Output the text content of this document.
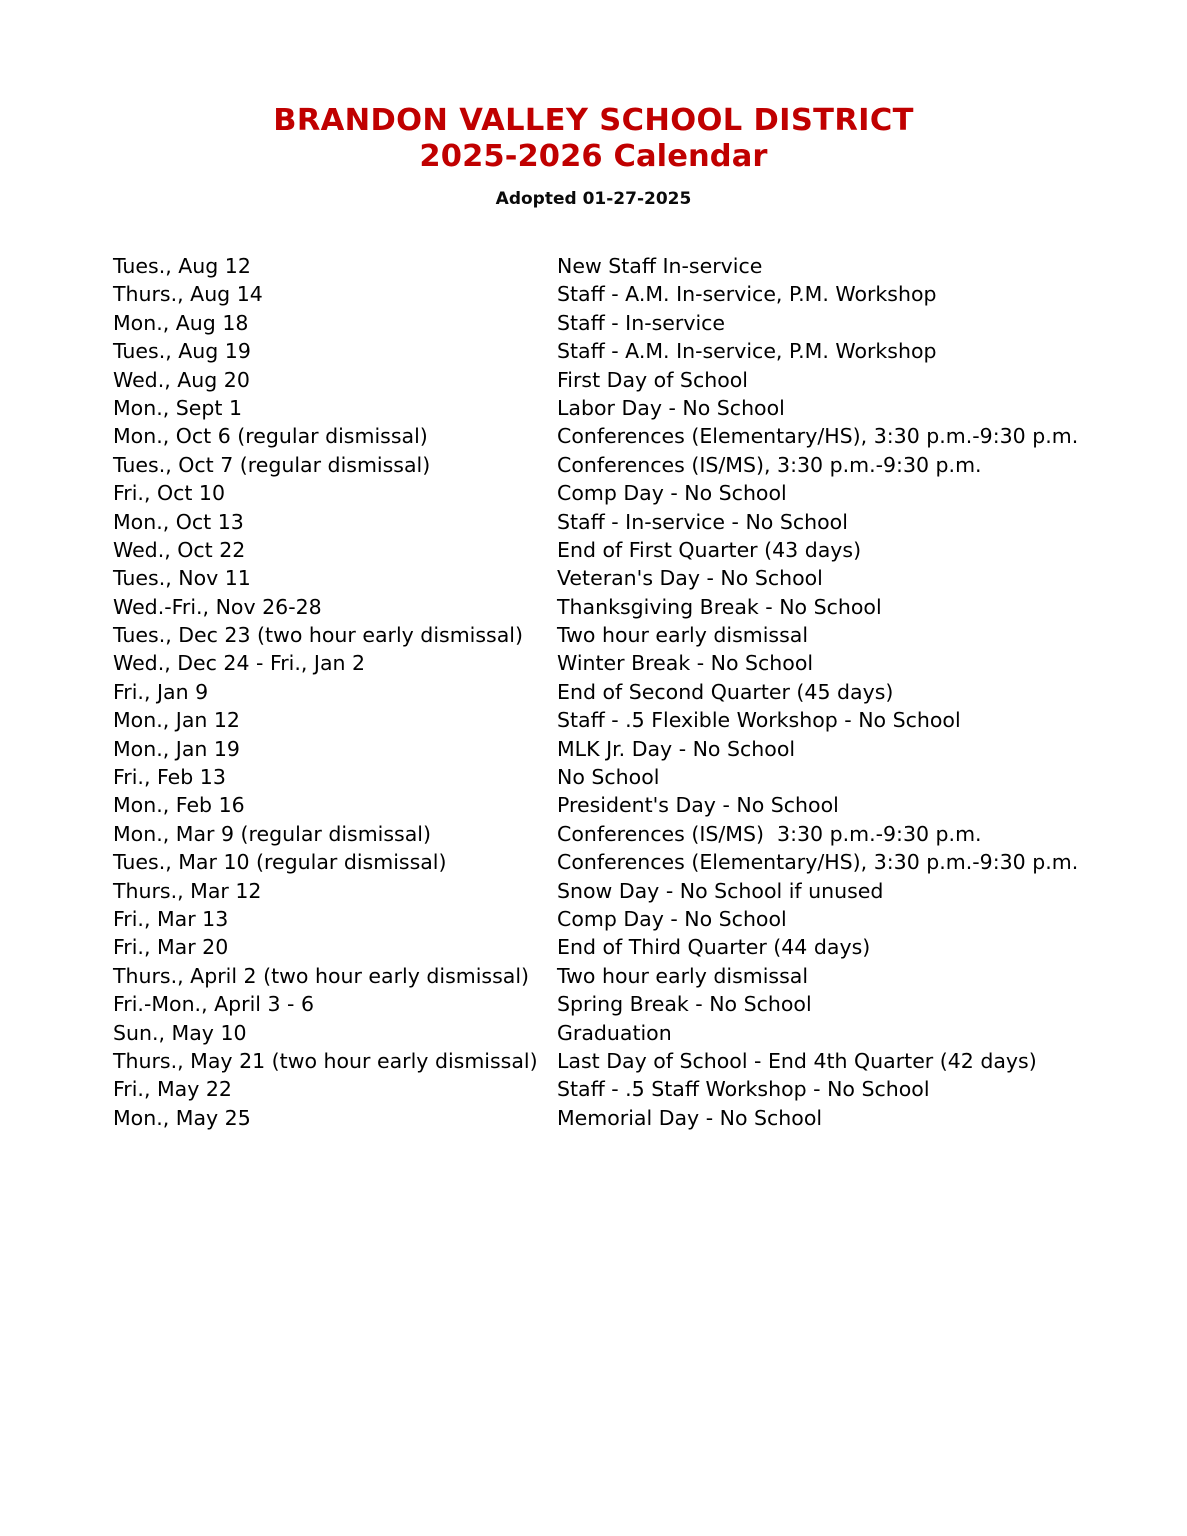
BRANDON VALLEY SCHOOL DISTRICT
2025-2026 Calendar
Adopted 01-27-2025
Tues., Aug 12	New Staff In-service
Thurs., Aug 14	Staff - A.M. In-service, P.M. Workshop
Mon., Aug 18	Staff - In-service
Tues., Aug 19	Staff - A.M. In-service, P.M. Workshop
Wed., Aug 20	First Day of School
Mon., Sept 1	Labor Day - No School
Mon., Oct 6 (regular dismissal)	Conferences (Elementary/HS), 3:30 p.m.-9:30 p.m.
Tues., Oct 7 (regular dismissal)	Conferences (IS/MS), 3:30 p.m.-9:30 p.m.
Fri., Oct 10	Comp Day - No School
Mon., Oct 13	Staff - In-service - No School
Wed., Oct 22	End of First Quarter (43 days)
Tues., Nov 11	Veteran's Day - No School
Wed.-Fri., Nov 26-28	Thanksgiving Break - No School
Tues., Dec 23 (two hour early dismissal)	Two hour early dismissal
Wed., Dec 24 - Fri., Jan 2	Winter Break - No School
Fri., Jan 9	End of Second Quarter (45 days)
Mon., Jan 12	Staff - .5 Flexible Workshop - No School
Mon., Jan 19	MLK Jr. Day - No School
Fri., Feb 13	No School
Mon., Feb 16	President's Day - No School
Mon., Mar 9 (regular dismissal)	Conferences (IS/MS)  3:30 p.m.-9:30 p.m.
Tues., Mar 10 (regular dismissal)	Conferences (Elementary/HS), 3:30 p.m.-9:30 p.m.
Thurs., Mar 12	Snow Day - No School if unused
Fri., Mar 13	Comp Day - No School
Fri., Mar 20	End of Third Quarter (44 days)
Thurs., April 2 (two hour early dismissal)	Two hour early dismissal
Fri.-Mon., April 3 - 6	Spring Break - No School
Sun., May 10	Graduation
Thurs., May 21 (two hour early dismissal) Last Day of School - End 4th Quarter (42 days)
Fri., May 22	Staff - .5 Staff Workshop - No School
Mon., May 25	Memorial Day - No School
